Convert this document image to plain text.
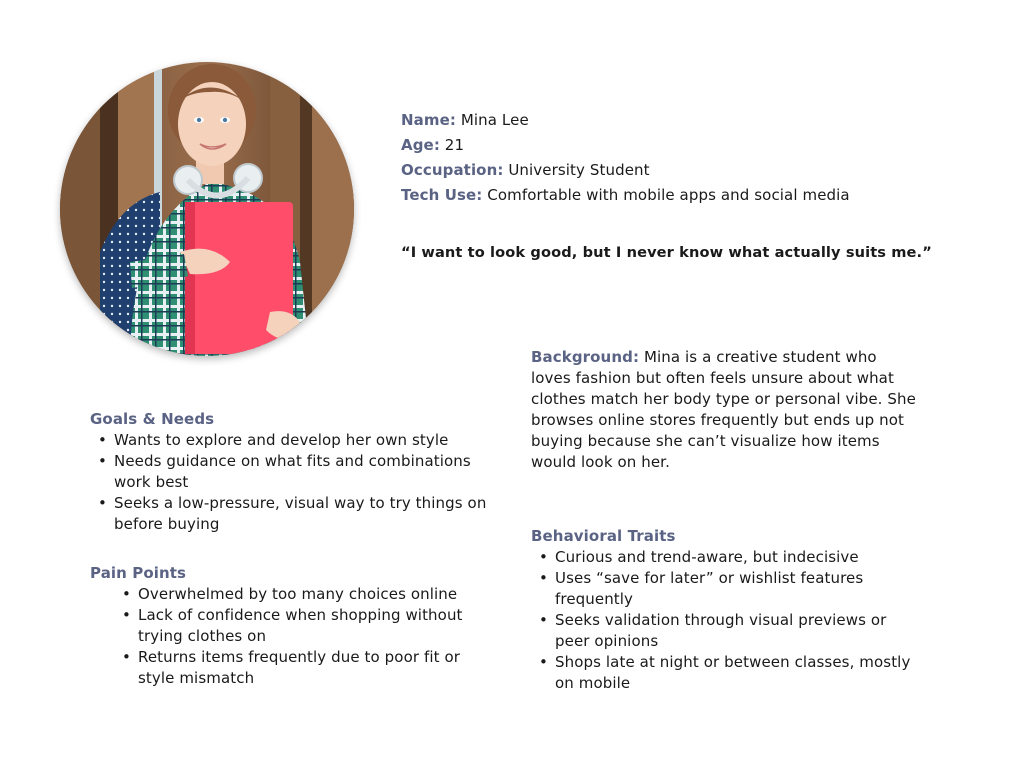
Name: Mina Lee
Age: 21
Occupation: University Student
Tech Use: Comfortable with mobile apps and social media
“I want to look good, but I never know what actually suits me.”
Background: Mina is a creative student who loves fashion but often feels unsure about what clothes match her body type or personal vibe. She browses online stores frequently but ends up not buying because she can’t visualize how items would look on her.
Goals & Needs
• Wants to explore and develop her own style
• Needs guidance on what fits and combinations work best
• Seeks a low-pressure, visual way to try things on before buying
Pain Points
• Overwhelmed by too many choices online
• Lack of confidence when shopping without trying clothes on
• Returns items frequently due to poor fit or style mismatch
Behavioral Traits
• Curious and trend-aware, but indecisive
• Uses “save for later” or wishlist features frequently
• Seeks validation through visual previews or peer opinions
• Shops late at night or between classes, mostly on mobile
